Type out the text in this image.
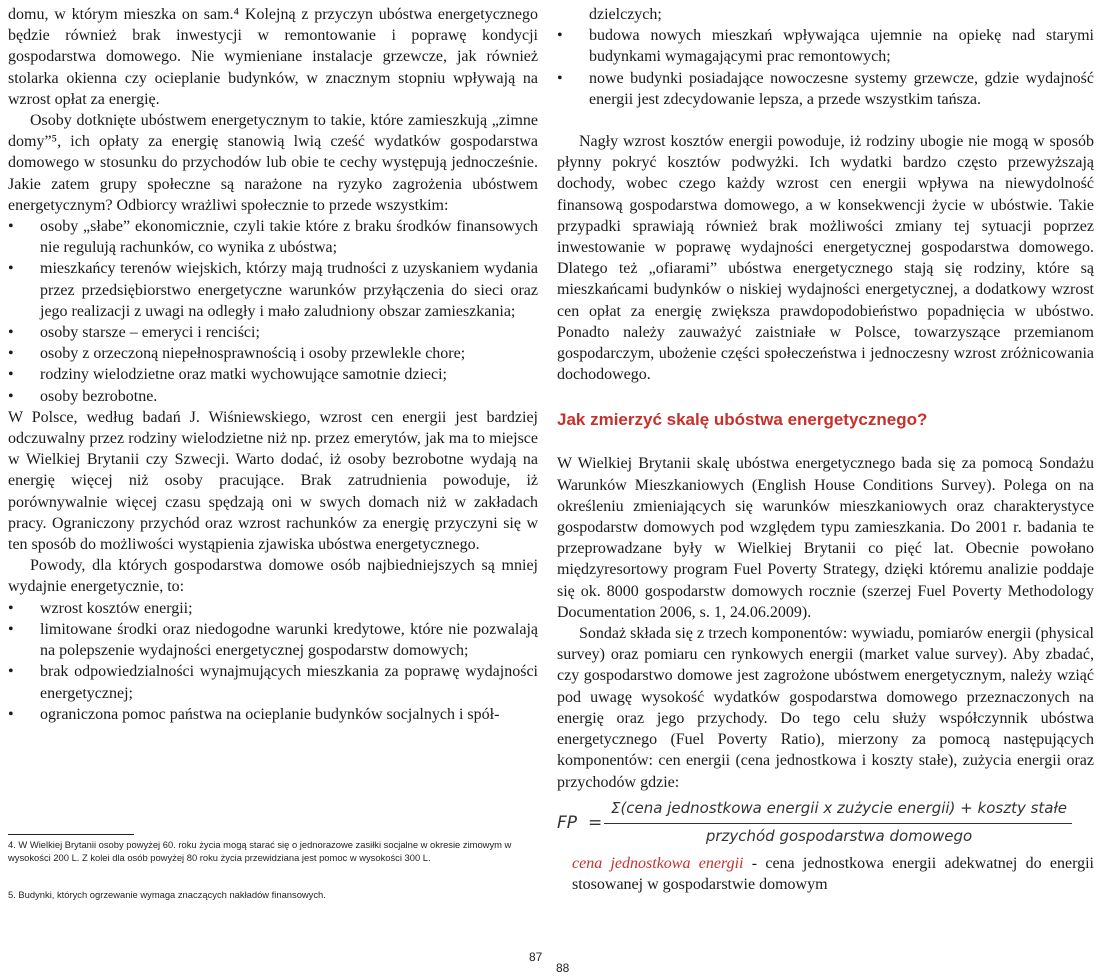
domu, w którym mieszka on sam.⁴ Kolejną z przyczyn ubóstwa energetycznego będzie również brak inwestycji w remontowanie i poprawę kondycji gospodarstwa domowego. Nie wymieniane instalacje grzewcze, jak również stolarka okienna czy ocieplanie budynków, w znacznym stopniu wpływają na wzrost opłat za energię.

Osoby dotknięte ubóstwem energetycznym to takie, które zamieszkują „zimne domy”⁵, ich opłaty za energię stanowią lwią cześć wydatków gospodarstwa domowego w stosunku do przychodów lub obie te cechy występują jednocześnie. Jakie zatem grupy społeczne są narażone na ryzyko zagrożenia ubóstwem energetycznym? Odbiorcy wrażliwi społecznie to przede wszystkim:

• osoby „słabe” ekonomicznie, czyli takie które z braku środków finansowych nie regulują rachunków, co wynika z ubóstwa;
• mieszkańcy terenów wiejskich, którzy mają trudności z uzyskaniem wydania przez przedsiębiorstwo energetyczne warunków przyłączenia do sieci oraz jego realizacji z uwagi na odległy i mało zaludniony obszar zamieszkania;
• osoby starsze – emeryci i renciści;
• osoby z orzeczoną niepełnosprawnością i osoby przewlekle chore;
• rodziny wielodzietne oraz matki wychowujące samotnie dzieci;
• osoby bezrobotne.

W Polsce, według badań J. Wiśniewskiego, wzrost cen energii jest bardziej odczuwalny przez rodziny wielodzietne niż np. przez emerytów, jak ma to miejsce w Wielkiej Brytanii czy Szwecji. Warto dodać, iż osoby bezrobotne wydają na energię więcej niż osoby pracujące. Brak zatrudnienia powoduje, iż porównywalnie więcej czasu spędzają oni w swych domach niż w zakładach pracy. Ograniczony przychód oraz wzrost rachunków za energię przyczyni się w ten sposób do możliwości wystąpienia zjawiska ubóstwa energetycznego.

Powody, dla których gospodarstwa domowe osób najbiedniejszych są mniej wydajnie energetycznie, to:

• wzrost kosztów energii;
• limitowane środki oraz niedogodne warunki kredytowe, które nie pozwalają na polepszenie wydajności energetycznej gospodarstw domowych;
• brak odpowiedzialności wynajmujących mieszkania za poprawę wydajności energetycznej;
• ograniczona pomoc państwa na ocieplanie budynków socjalnych i spół-
4. W Wielkiej Brytanii osoby powyżej 60. roku życia mogą starać się o jednorazowe zasiłki socjalne w okresie zimowym w wysokości 200 L. Z kolei dla osób powyżej 80 roku życia przewidziana jest pomoc w wysokości 300 L.
5. Budynki, których ogrzewanie wymaga znaczących nakładów finansowych.
dzielczych;
• budowa nowych mieszkań wpływająca ujemnie na opiekę nad starymi budynkami wymagającymi prac remontowych;
• nowe budynki posiadające nowoczesne systemy grzewcze, gdzie wydajność energii jest zdecydowanie lepsza, a przede wszystkim tańsza.

Nagły wzrost kosztów energii powoduje, iż rodziny ubogie nie mogą w sposób płynny pokryć kosztów podwyżki. Ich wydatki bardzo często przewyższają dochody, wobec czego każdy wzrost cen energii wpływa na niewydolność finansową gospodarstwa domowego, a w konsekwencji życie w ubóstwie. Takie przypadki sprawiają również brak możliwości zmiany tej sytuacji poprzez inwestowanie w poprawę wydajności energetycznej gospodarstwa domowego. Dlatego też „ofiarami” ubóstwa energetycznego stają się rodziny, które są mieszkańcami budynków o niskiej wydajności energetycznej, a dodatkowy wzrost cen opłat za energię zwiększa prawdopodobieństwo popadnięcia w ubóstwo. Ponadto należy zauważyć zaistniałe w Polsce, towarzyszące przemianom gospodarczym, ubożenie części społeczeństwa i jednoczesny wzrost zróżnicowania dochodowego.

Jak zmierzyć skalę ubóstwa energetycznego?

W Wielkiej Brytanii skalę ubóstwa energetycznego bada się za pomocą Sondażu Warunków Mieszkaniowych (English House Conditions Survey). Polega on na określeniu zmieniających się warunków mieszkaniowych oraz charakterystyce gospodarstw domowych pod względem typu zamieszkania. Do 2001 r. badania te przeprowadzane były w Wielkiej Brytanii co pięć lat. Obecnie powołano międzyresortowy program Fuel Poverty Strategy, dzięki któremu analizie poddaje się ok. 8000 gospodarstw domowych rocznie (szerzej Fuel Poverty Methodology Documentation 2006, s. 1, 24.06.2009).

Sondaż składa się z trzech komponentów: wywiadu, pomiarów energii (physical survey) oraz pomiaru cen rynkowych energii (market value survey). Aby zbadać, czy gospodarstwo domowe jest zagrożone ubóstwem energetycznym, należy wziąć pod uwagę wysokość wydatków gospodarstwa domowego przeznaczonych na energię oraz jego przychody. Do tego celu służy współczynnik ubóstwa energetycznego (Fuel Poverty Ratio), mierzony za pomocą następujących komponentów: cen energii (cena jednostkowa i koszty stałe), zużycia energii oraz przychodów gdzie:

FP =
Σ(cena jednostkowa energii x zużycie energii) + koszty stałe
przychód gospodarstwa domowego

cena jednostkowa energii - cena jednostkowa energii adekwatnej do energii stosowanej w gospodarstwie domowym

87
88
